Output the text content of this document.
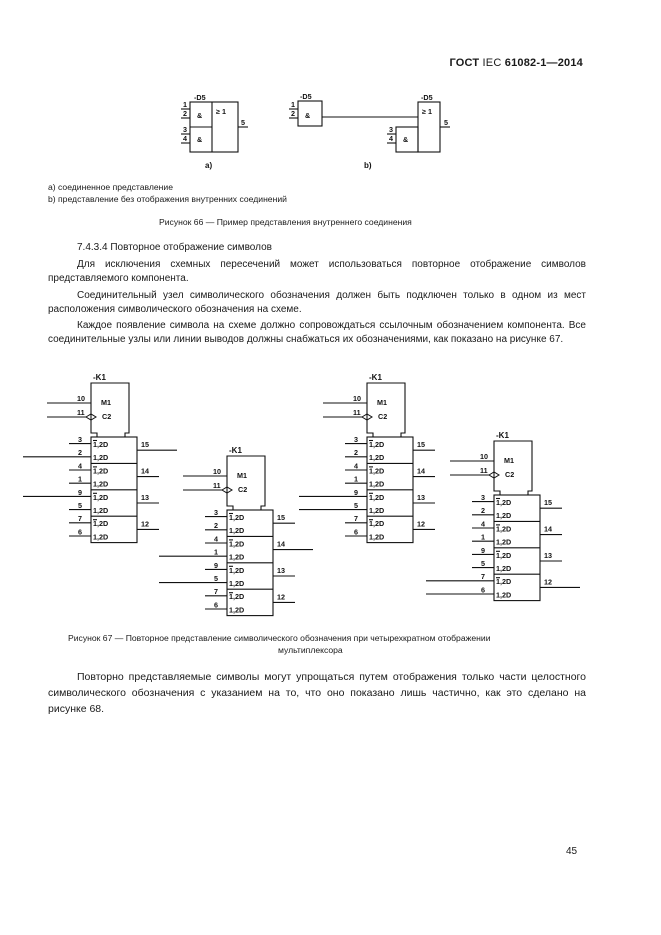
ГОСТ IEC 61082-1—2014
-D5
&
&
≥ 1
1
2
3
4
5
a)
-D5
&
1
2
-D5
≥ 1
&
3
4
5
b)
a) соединенное представление
b) представление без отображения внутренних соединений
Рисунок 66 — Пример представления внутреннего соединения
7.4.3.4 Повторное отображение символов
Для исключения схемных пересечений может использоваться повторное отображение символов представляемого компонента.
Соединительный узел символического обозначения должен быть подключен только в одном из мест расположения символического обозначения на схеме.
Каждое появление символа на схеме должно сопровождаться ссылочным обозначением компонента. Все соединительные узлы или линии выводов должны снабжаться их обозначениями, как показано на рисунке 67.
-K1
M1
C2
10
11
1,2D
3
1,2D
2
1,2D
4
1,2D
1
1,2D
9
1,2D
5
1,2D
7
1,2D
6
15
14
13
12
-K1
M1
C2
10
11
1,2D
3
1,2D
2
1,2D
4
1,2D
1
1,2D
9
1,2D
5
1,2D
7
1,2D
6
15
14
13
12
-K1
M1
C2
10
11
1,2D
3
1,2D
2
1,2D
4
1,2D
1
1,2D
9
1,2D
5
1,2D
7
1,2D
6
15
14
13
12
-K1
M1
C2
10
11
1,2D
3
1,2D
2
1,2D
4
1,2D
1
1,2D
9
1,2D
5
1,2D
7
1,2D
6
15
14
13
12
Рисунок 67 — Повторное представление символического обозначения при четырехкратном отображении
мультиплексора
Повторно представляемые символы могут упрощаться путем отображения только части целостного символического обозначения с указанием на то, что оно показано лишь частично, как это сделано на рисунке 68.
45
